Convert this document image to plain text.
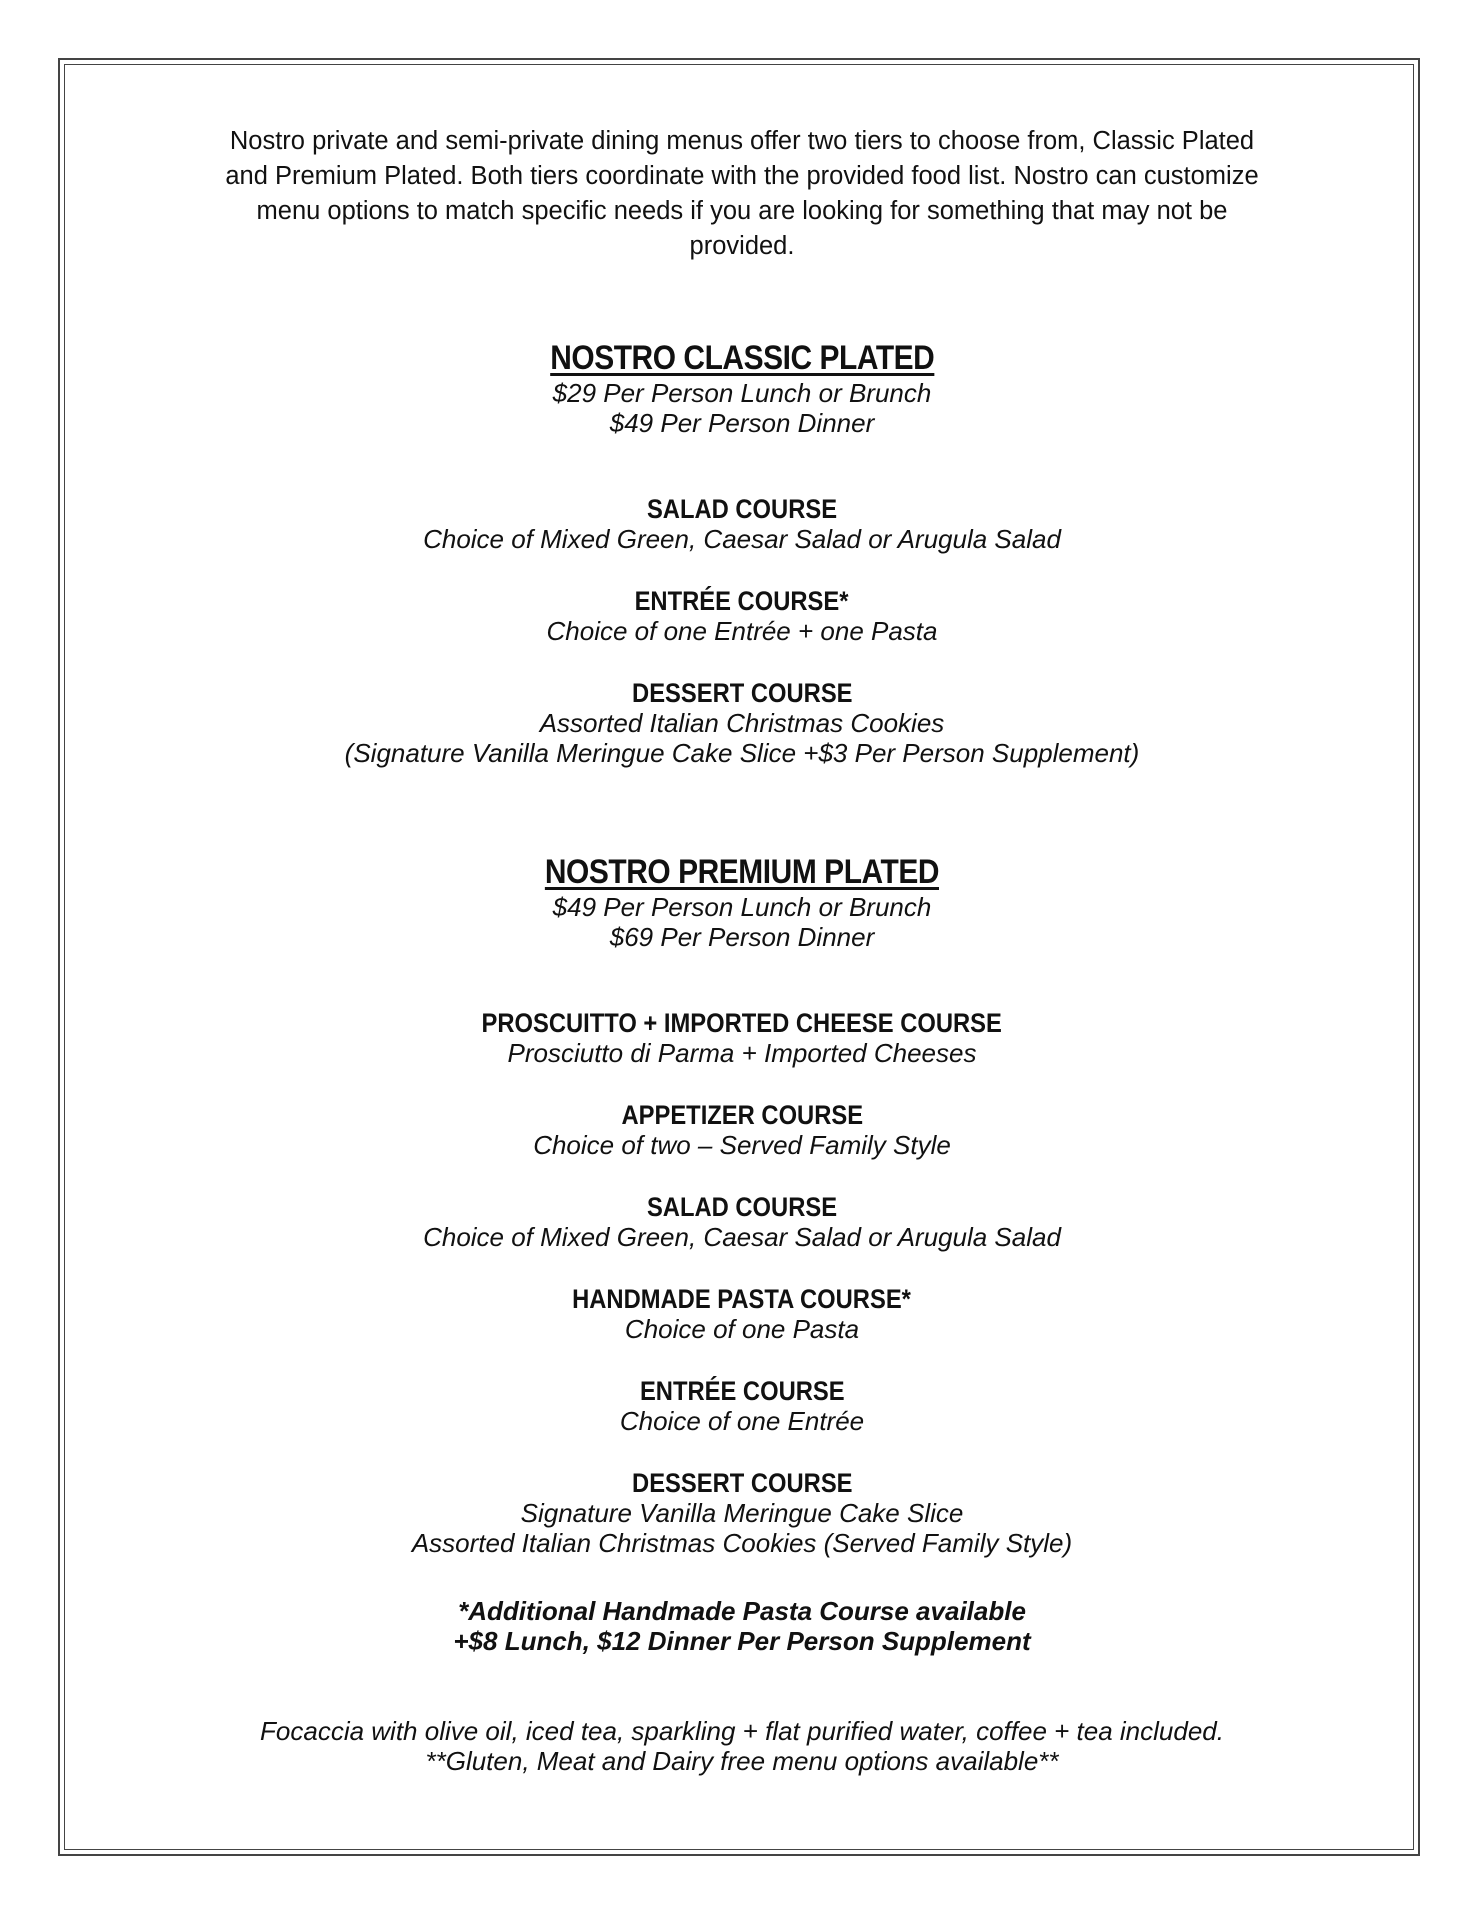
Nostro private and semi-private dining menus offer two tiers to choose from, Classic Plated
and Premium Plated. Both tiers coordinate with the provided food list. Nostro can customize
menu options to match specific needs if you are looking for something that may not be
provided.
NOSTRO CLASSIC PLATED
$29 Per Person Lunch or Brunch
$49 Per Person Dinner
SALAD COURSE
Choice of Mixed Green, Caesar Salad or Arugula Salad
ENTRÉE COURSE*
Choice of one Entrée + one Pasta
DESSERT COURSE
Assorted Italian Christmas Cookies
(Signature Vanilla Meringue Cake Slice +$3 Per Person Supplement)
NOSTRO PREMIUM PLATED
$49 Per Person Lunch or Brunch
$69 Per Person Dinner
PROSCUITTO + IMPORTED CHEESE COURSE
Prosciutto di Parma + Imported Cheeses
APPETIZER COURSE
Choice of two – Served Family Style
SALAD COURSE
Choice of Mixed Green, Caesar Salad or Arugula Salad
HANDMADE PASTA COURSE*
Choice of one Pasta
ENTRÉE COURSE
Choice of one Entrée
DESSERT COURSE
Signature Vanilla Meringue Cake Slice
Assorted Italian Christmas Cookies (Served Family Style)
*Additional Handmade Pasta Course available
+$8 Lunch, $12 Dinner Per Person Supplement
Focaccia with olive oil, iced tea, sparkling + flat purified water, coffee + tea included.
**Gluten, Meat and Dairy free menu options available**
